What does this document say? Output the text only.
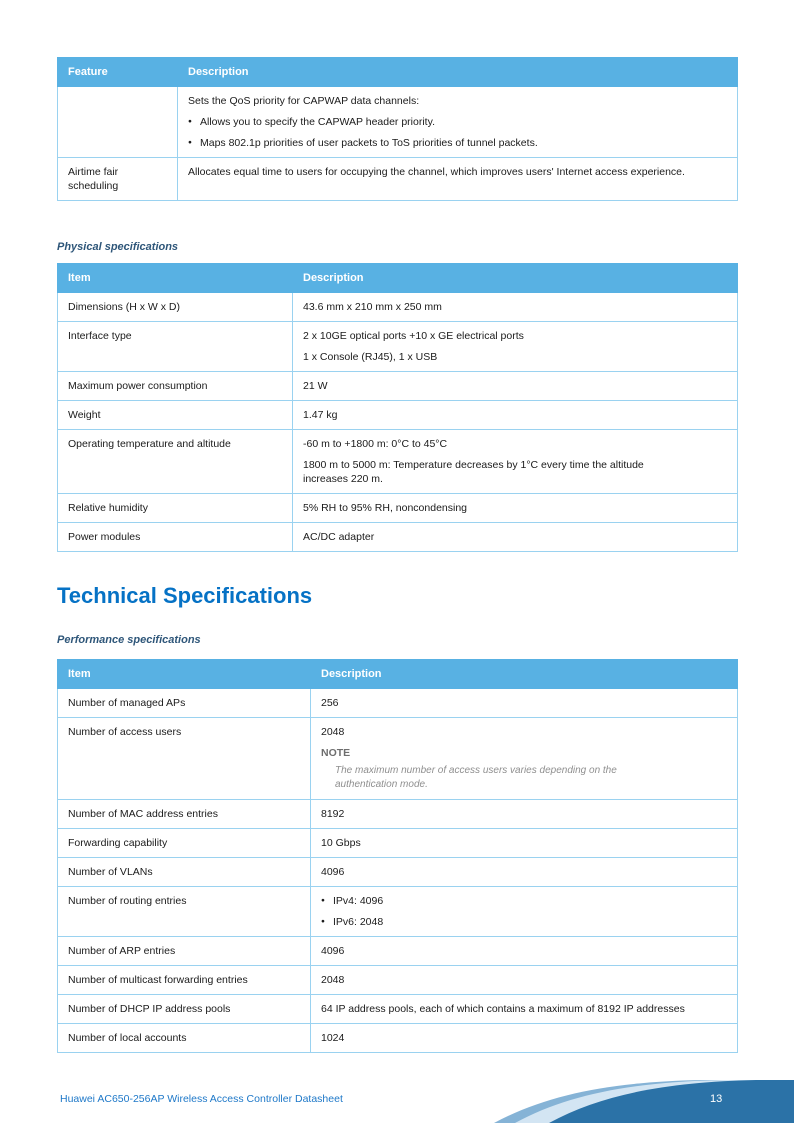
Feature	Description

	Sets the QoS priority for CAPWAP data channels:
●
Allows you to specify the CAPWAP header priority.
●
Maps 802.1p priorities of user packets to ToS priorities of tunnel packets.

Airtime fair scheduling	Allocates equal time to users for occupying the channel, which improves users' Internet access experience.
Physical specifications
Item	Description
Dimensions (H x W x D)	43.6 mm x 210 mm x 250 mm
Interface type	2 x 10GE optical ports +10 x GE electrical ports
1 x Console (RJ45), 1 x USB

Maximum power consumption	21 W
Weight	1.47 kg
Operating temperature and altitude	-60 m to +1800 m: 0°C to 45°C
1800 m to 5000 m: Temperature decreases by 1°C every time the altitude increases 220 m.

Relative humidity	5% RH to 95% RH, noncondensing
Power modules	AC/DC adapter
Technical Specifications
Performance specifications
Item	Description
Number of managed APs	256
Number of access users	2048
NOTE
The maximum number of access users varies depending on the authentication mode.

Number of MAC address entries	8192
Forwarding capability	10 Gbps
Number of VLANs	4096
Number of routing entries	
●IPv4: 4096
●
IPv6: 2048

Number of ARP entries	4096
Number of multicast forwarding entries	2048
Number of DHCP IP address pools	64 IP address pools, each of which contains a maximum of 8192 IP addresses
Number of local accounts	1024
Huawei AC650-256AP Wireless Access Controller Datasheet	13
